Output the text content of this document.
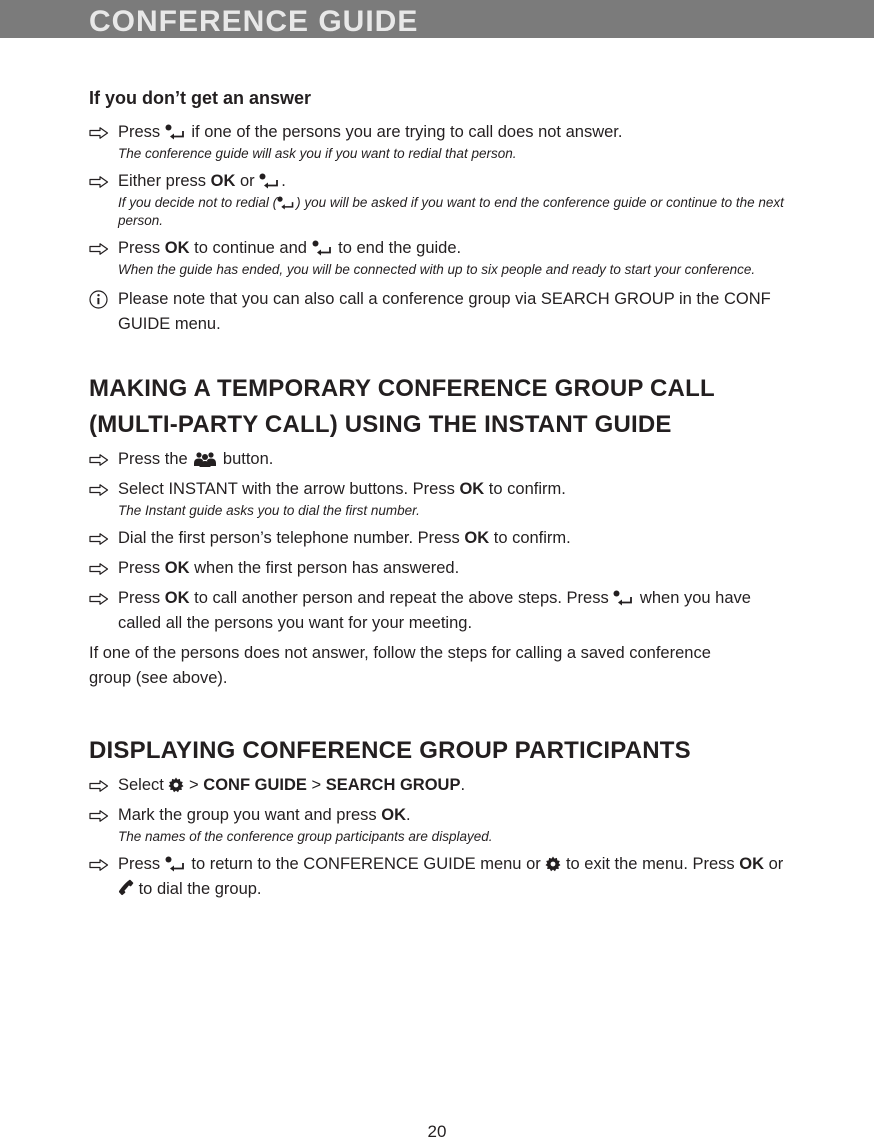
CONFERENCE GUIDE
If you don’t get an answer

Press if one of the persons you are trying to call does not answer.

The conference guide will ask you if you want to redial that person.

Either press OK or .

If you decide not to redial ( ) you will be asked if you want to end the conference guide or continue to the next person.

Press OK to continue and to end the guide.

When the guide has ended, you will be connected with up to six people and ready to start your conference.

Please note that you can also call a conference group via SEARCH GROUP in the CONF GUIDE menu.

MAKING A TEMPORARY CONFERENCE GROUP CALL (MULTI-PARTY CALL) USING THE INSTANT GUIDE

Press the button.

Select INSTANT with the arrow buttons. Press OK to confirm.

The Instant guide asks you to dial the first number.

Dial the first person’s telephone number. Press OK to confirm.

Press OK when the first person has answered.

Press OK to call another person and repeat the above steps. Press when you have called all the persons you want for your meeting.

If one of the persons does not answer, follow the steps for calling a saved conference group (see above).

DISPLAYING CONFERENCE GROUP PARTICIPANTS

Select > CONF GUIDE > SEARCH GROUP.

Mark the group you want and press OK.

The names of the conference group participants are displayed.

Press to return to the CONFERENCE GUIDE menu or to exit the menu. Press OK or  to dial the group.

20
